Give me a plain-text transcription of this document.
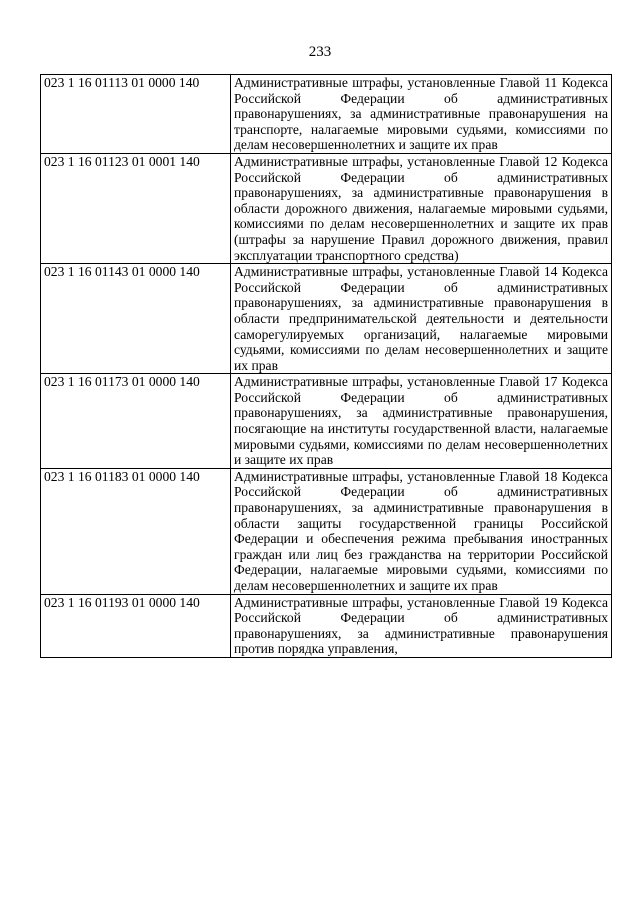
233
023 1 16 01113 01 0000 140	Административные штрафы, установленные Главой 11 Кодекса Российской Федерации об административных правонарушениях, за административные правонарушения на транспорте, налагаемые мировыми судьями, комиссиями по делам несовершеннолетних и защите их прав
023 1 16 01123 01 0001 140	Административные штрафы, установленные Главой 12 Кодекса Российской Федерации об административных правонарушениях, за административные правонарушения в области дорожного движения, налагаемые мировыми судьями, комиссиями по делам несовершеннолетних и защите их прав (штрафы за нарушение Правил дорожного движения, правил эксплуатации транспортного средства)
023 1 16 01143 01 0000 140	Административные штрафы, установленные Главой 14 Кодекса Российской Федерации об административных правонарушениях, за административные правонарушения в области предпринимательской деятельности и деятельности саморегулируемых организаций, налагаемые мировыми судьями, комиссиями по делам несовершеннолетних и защите их прав
023 1 16 01173 01 0000 140	Административные штрафы, установленные Главой 17 Кодекса Российской Федерации об административных правонарушениях, за административные правонарушения, посягающие на институты государственной власти, налагаемые мировыми судьями, комиссиями по делам несовершеннолетних и защите их прав
023 1 16 01183 01 0000 140	Административные штрафы, установленные Главой 18 Кодекса Российской Федерации об административных правонарушениях, за административные правонарушения в области защиты государственной границы Российской Федерации и обеспечения режима пребывания иностранных граждан или лиц без гражданства на территории Российской Федерации, налагаемые мировыми судьями, комиссиями по делам несовершеннолетних и защите их прав
023 1 16 01193 01 0000 140	Административные штрафы, установленные Главой 19 Кодекса Российской Федерации об административных правонарушениях, за административные правонарушения против порядка управления,
